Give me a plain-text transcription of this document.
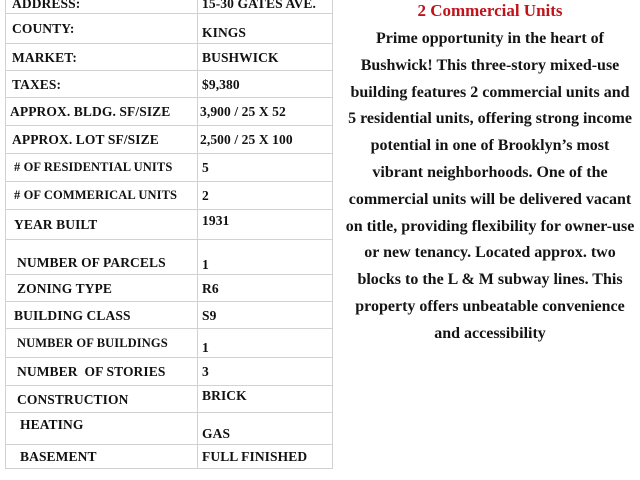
ADDRESS:	15-30 GATES AVE.
COUNTY:	KINGS
MARKET:	BUSHWICK
TAXES:	$9,380
APPROX. BLDG. SF/SIZE	3,900 / 25 X 52
APPROX. LOT SF/SIZE	2,500 / 25 X 100
# OF RESIDENTIAL UNITS	5
# OF COMMERICAL UNITS	2
YEAR BUILT	1931
NUMBER OF PARCELS	1
ZONING TYPE	R6
BUILDING CLASS	S9
NUMBER OF BUILDINGS	1
NUMBER  OF STORIES	3
CONSTRUCTION	BRICK
HEATING	GAS
BASEMENT	FULL FINISHED

2 Commercial Units

Prime opportunity in the heart of Bushwick! This three-story mixed-use building features 2 commercial units and 5 residential units, offering strong income potential in one of Brooklyn’s most vibrant neighborhoods. One of the commercial units will be delivered vacant on title, providing flexibility for owner-use or new tenancy. Located approx. two blocks to the L & M subway lines. This property offers unbeatable convenience and accessibility
